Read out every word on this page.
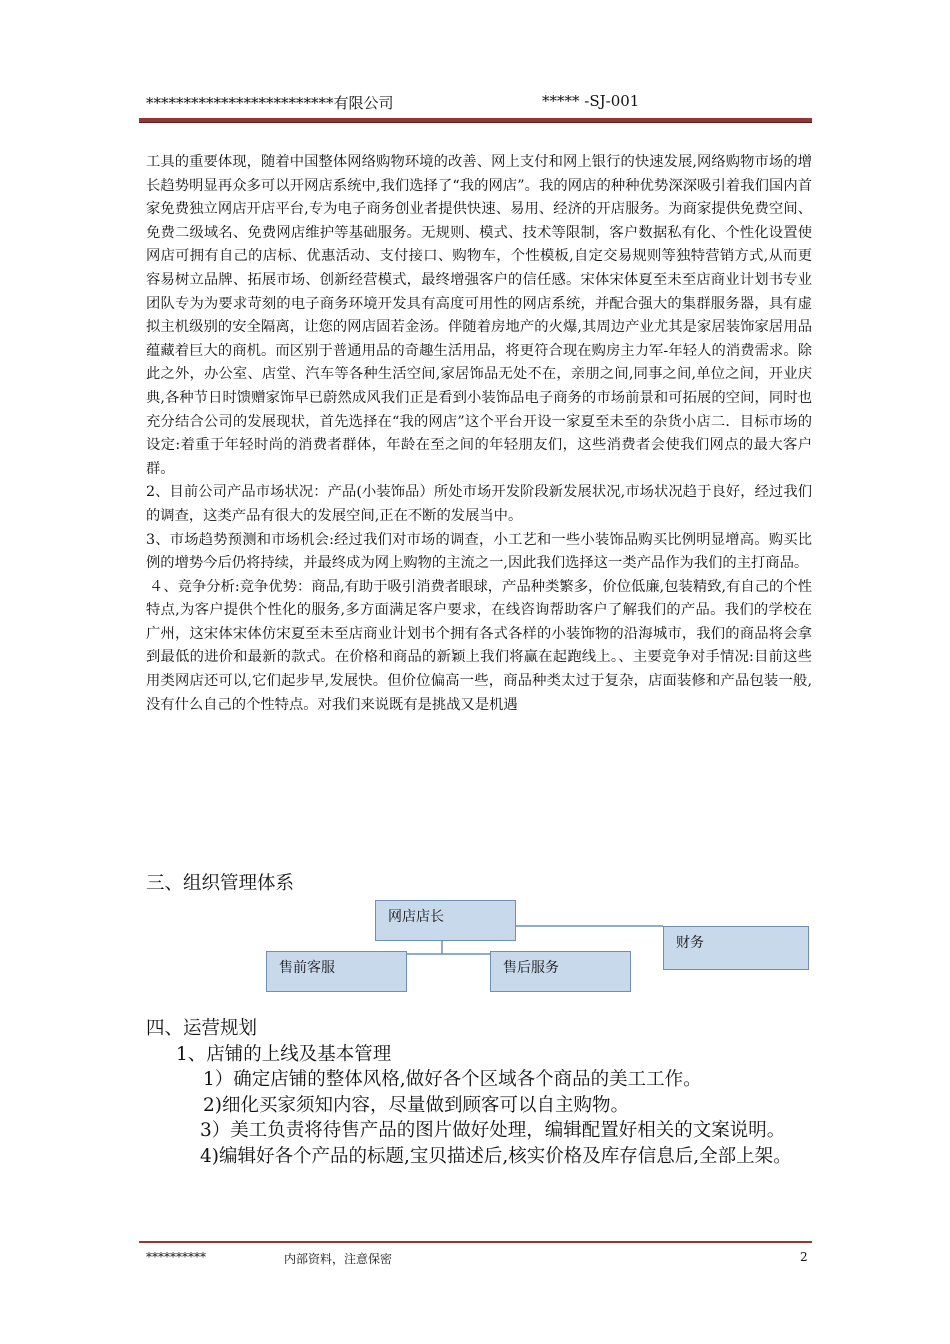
*************************有限公司	***** -SJ-001

工具的重要体现，随着中国整体网络购物环境的改善、网上支付和网上银行的快速发展,网络购物市场的增长趋势明显再众多可以开网店系统中,我们选择了“我的网店”。我的网店的种种优势深深吸引着我们国内首家免费独立网店开店平台,专为电子商务创业者提供快速、易用、经济的开店服务。为商家提供免费空间、免费二级域名、免费网店维护等基础服务。无规则、模式、技术等限制，客户数据私有化、个性化设置使网店可拥有自己的店标、优惠活动、支付接口、购物车，个性模板,自定交易规则等独特营销方式,从而更容易树立品牌、拓展市场、创新经营模式，最终增强客户的信任感。宋体宋体夏至未至店商业计划书专业团队专为为要求苛刻的电子商务环境开发具有高度可用性的网店系统，并配合强大的集群服务器，具有虚拟主机级别的安全隔离，让您的网店固若金汤。伴随着房地产的火爆,其周边产业尤其是家居装饰家居用品蕴藏着巨大的商机。而区别于普通用品的奇趣生活用品，将更符合现在购房主力军-年轻人的消费需求。除此之外，办公室、店堂、汽车等各种生活空间,家居饰品无处不在，亲朋之间,同事之间,单位之间，开业庆典,各种节日时馈赠家饰早已蔚然成风我们正是看到小装饰品电子商务的市场前景和可拓展的空间，同时也充分结合公司的发展现状，首先选择在“我的网店”这个平台开设一家夏至未至的杂货小店二．目标市场的设定:着重于年轻时尚的消费者群体，年龄在至之间的年轻朋友们，这些消费者会使我们网点的最大客户群。

2、目前公司产品市场状况：产品(小装饰品）所处市场开发阶段新发展状况,市场状况趋于良好，经过我们的调查，这类产品有很大的发展空间,正在不断的发展当中。

3、市场趋势预测和市场机会:经过我们对市场的调查，小工艺和一些小装饰品购买比例明显增高。购买比例的增势今后仍将持续，并最终成为网上购物的主流之一,因此我们选择这一类产品作为我们的主打商品。

４、竞争分析:竞争优势：商品,有助于吸引消费者眼球，产品种类繁多，价位低廉,包装精致,有自己的个性特点,为客户提供个性化的服务,多方面满足客户要求，在线咨询帮助客户了解我们的产品。我们的学校在广州，这宋体宋体仿宋夏至未至店商业计划书个拥有各式各样的小装饰物的沿海城市，我们的商品将会拿到最低的进价和最新的款式。在价格和商品的新颖上我们将赢在起跑线上。、主要竞争对手情况:目前这些用类网店还可以,它们起步早,发展快。但价位偏高一些，商品种类太过于复杂，店面装修和产品包装一般,没有什么自己的个性特点。对我们来说既有是挑战又是机遇

三、组织管理体系
网店店长
售前客服	售后服务
财务

四、运营规划

1、店铺的上线及基本管理

1）确定店铺的整体风格,做好各个区域各个商品的美工工作。

2)细化买家须知内容，尽量做到顾客可以自主购物。

3）美工负责将待售产品的图片做好处理，编辑配置好相关的文案说明。

4)编辑好各个产品的标题,宝贝描述后,核实价格及库存信息后,全部上架。

**********	内部资料，注意保密	2
